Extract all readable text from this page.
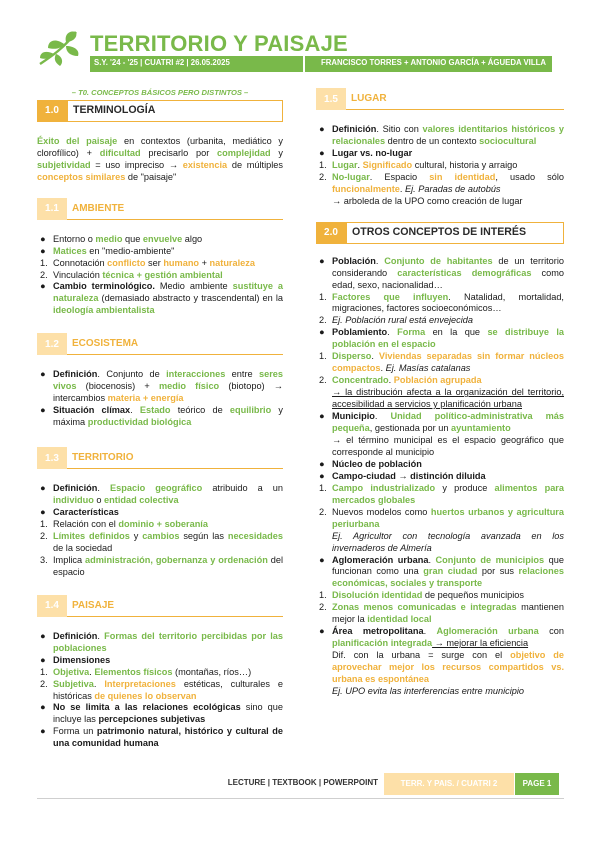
TERRITORIO Y PAISAJE
S.Y. '24 - '25 | CUATRI #2 | 26.05.2025	FRANCISCO TORRES + ANTONIO GARCÍA + ÁGUEDA VILLA
– T0. CONCEPTOS BÁSICOS PERO DISTINTOS –
1.0	TERMINOLOGÍA
Éxito del paisaje en contextos (urbanita, mediático y clorofílico) + dificultad precisarlo por complejidad y subjetividad = uso impreciso → existencia de múltiples conceptos similares de "paisaje"
1.1	AMBIENTE
● Entorno o medio que envuelve algo
● Matices en "medio-ambiente"
1. Connotación conflicto ser humano + naturaleza
2. Vinculación técnica + gestión ambiental
● Cambio terminológico. Medio ambiente sustituye a naturaleza (demasiado abstracto y trascendental) en la ideología ambientalista
1.2	ECOSISTEMA
● Definición. Conjunto de interacciones entre seres vivos (biocenosis) + medio físico (biotopo) → intercambios materia + energía
● Situación clímax. Estado teórico de equilibrio y máxima productividad biológica
1.3	TERRITORIO
● Definición. Espacio geográfico atribuido a un individuo o entidad colectiva
● Características
1. Relación con el dominio + soberanía
2. Límites definidos y cambios según las necesidades de la sociedad
3. Implica administración, gobernanza y ordenación del espacio
1.4	PAISAJE
● Definición. Formas del territorio percibidas por las poblaciones
● Dimensiones
1. Objetiva. Elementos físicos (montañas, ríos…)
2. Subjetiva. Interpretaciones estéticas, culturales e históricas de quienes lo observan
● No se limita a las relaciones ecológicas sino que incluye las percepciones subjetivas
● Forma un patrimonio natural, histórico y cultural de una comunidad humana
1.5	LUGAR
● Definición. Sitio con valores identitarios históricos y relacionales dentro de un contexto sociocultural
● Lugar vs. no-lugar
1. Lugar. Significado cultural, historia y arraigo
2. No-lugar. Espacio sin identidad, usado sólo funcionalmente. Ej. Paradas de autobús
→ arboleda de la UPO como creación de lugar
2.0	OTROS CONCEPTOS DE INTERÉS
● Población. Conjunto de habitantes de un territorio considerando características demográficas como edad, sexo, nacionalidad…
1. Factores que influyen. Natalidad, mortalidad, migraciones, factores socioeconómicos…
2. Ej. Población rural está envejecida
● Poblamiento. Forma en la que se distribuye la población en el espacio
1. Disperso. Viviendas separadas sin formar núcleos compactos. Ej. Masías catalanas
2. Concentrado. Población agrupada
→ la distribución afecta a la organización del territorio, accesibilidad a servicios y planificación urbana
● Municipio. Unidad político-administrativa más pequeña, gestionada por un ayuntamiento
→ el término municipal es el espacio geográfico que corresponde al municipio
● Núcleo de población
● Campo-ciudad → distinción diluida
1. Campo industrializado y produce alimentos para mercados globales
2. Nuevos modelos como huertos urbanos y agricultura periurbana
Ej. Agricultor con tecnología avanzada en los invernaderos de Almería
● Aglomeración urbana. Conjunto de municipios que funcionan como una gran ciudad por sus relaciones económicas, sociales y transporte
1. Disolución identidad de pequeños municipios
2. Zonas menos comunicadas e integradas mantienen mejor la identidad local
● Área metropolitana. Aglomeración urbana con planificación integrada → mejorar la eficiencia
Dif. con la urbana = surge con el objetivo de aprovechar mejor los recursos compartidos vs. urbana es espontánea
Ej. UPO evita las interferencias entre municipio
LECTURE | TEXTBOOK | POWERPOINT	TERR. Y PAIS. / CUATRI 2	PAGE 1
